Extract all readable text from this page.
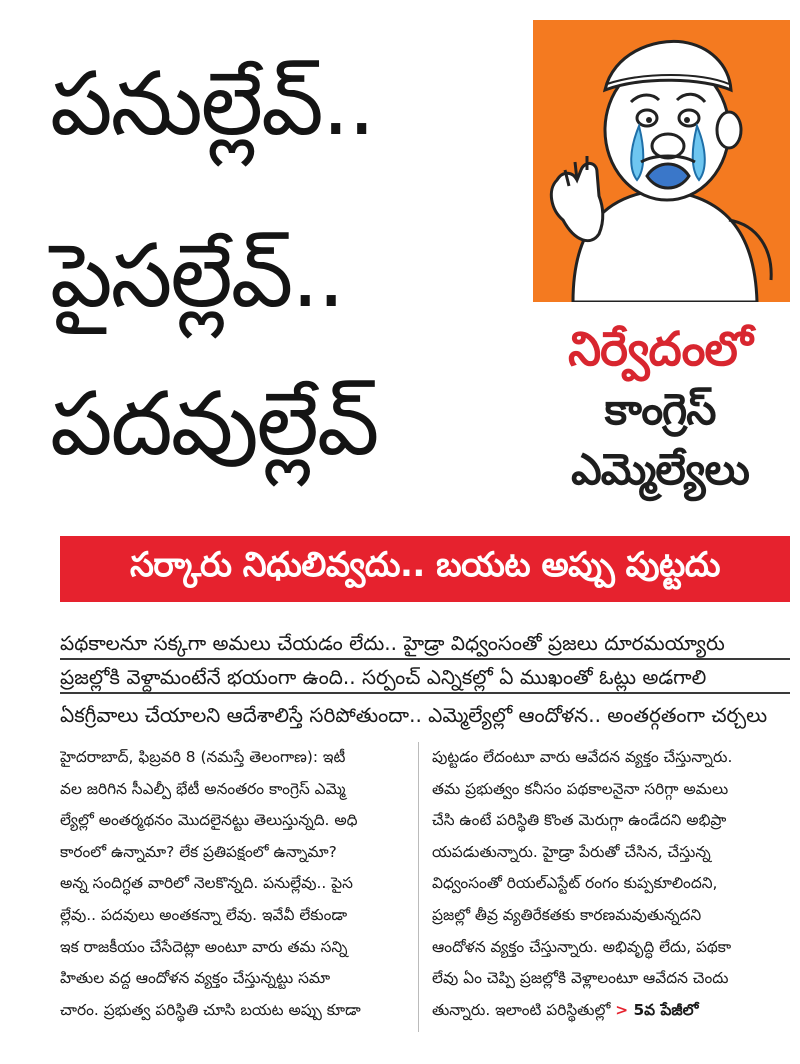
పనుల్లేవ్..
పైసల్లేవ్..
పదవుల్లేవ్
నిర్వేదంలో
కాంగ్రెస్
ఎమ్మెల్యేలు
సర్కారు నిధులివ్వదు.. బయట అప్పు పుట్టదు
పథకాలనూ సక్కగా అమలు చేయడం లేదు.. హైడ్రా విధ్వంసంతో ప్రజలు దూరమయ్యారు
ప్రజల్లోకి వెళ్దామంటేనే భయంగా ఉంది.. సర్పంచ్ ఎన్నికల్లో ఏ ముఖంతో ఓట్లు అడగాలి
ఏకగ్రీవాలు చేయాలని ఆదేశాలిస్తే సరిపోతుందా.. ఎమ్మెల్యేల్లో ఆందోళన.. అంతర్గతంగా చర్చలు
హైదరాబాద్, ఫిబ్రవరి 8 (నమస్తే తెలంగాణ): ఇటీ
వల జరిగిన సీఎల్పీ భేటీ అనంతరం కాంగ్రెస్ ఎమ్మె
ల్యేల్లో అంతర్మథనం మొదలైనట్టు తెలుస్తున్నది. అధి
కారంలో ఉన్నామా? లేక ప్రతిపక్షంలో ఉన్నామా?
అన్న సందిగ్ధత వారిలో నెలకొన్నది. పనుల్లేవు.. పైస
ల్లేవు.. పదవులు అంతకన్నా లేవు. ఇవేవీ లేకుండా
ఇక రాజకీయం చేసేదెట్లా అంటూ వారు తమ సన్ని
హితుల వద్ద ఆందోళన వ్యక్తం చేస్తున్నట్టు సమా
చారం. ప్రభుత్వ పరిస్థితి చూసి బయట అప్పు కూడా
పుట్టడం లేదంటూ వారు ఆవేదన వ్యక్తం చేస్తున్నారు.
తమ ప్రభుత్వం కనీసం పథకాలనైనా సరిగ్గా అమలు
చేసి ఉంటే పరిస్థితి కొంత మెరుగ్గా ఉండేదని అభిప్రా
యపడుతున్నారు. హైడ్రా పేరుతో చేసిన, చేస్తున్న
విధ్వంసంతో రియల్ఎస్టేట్ రంగం కుప్పకూలిందని,
ప్రజల్లో తీవ్ర వ్యతిరేకతకు కారణమవుతున్నదని
ఆందోళన వ్యక్తం చేస్తున్నారు. అభివృద్ధి లేదు, పథకా
లేవు ఏం చెప్పి ప్రజల్లోకి వెళ్లాలంటూ ఆవేదన చెందు
తున్నారు. ఇలాంటి పరిస్థితుల్లో > 5వ పేజీలో
